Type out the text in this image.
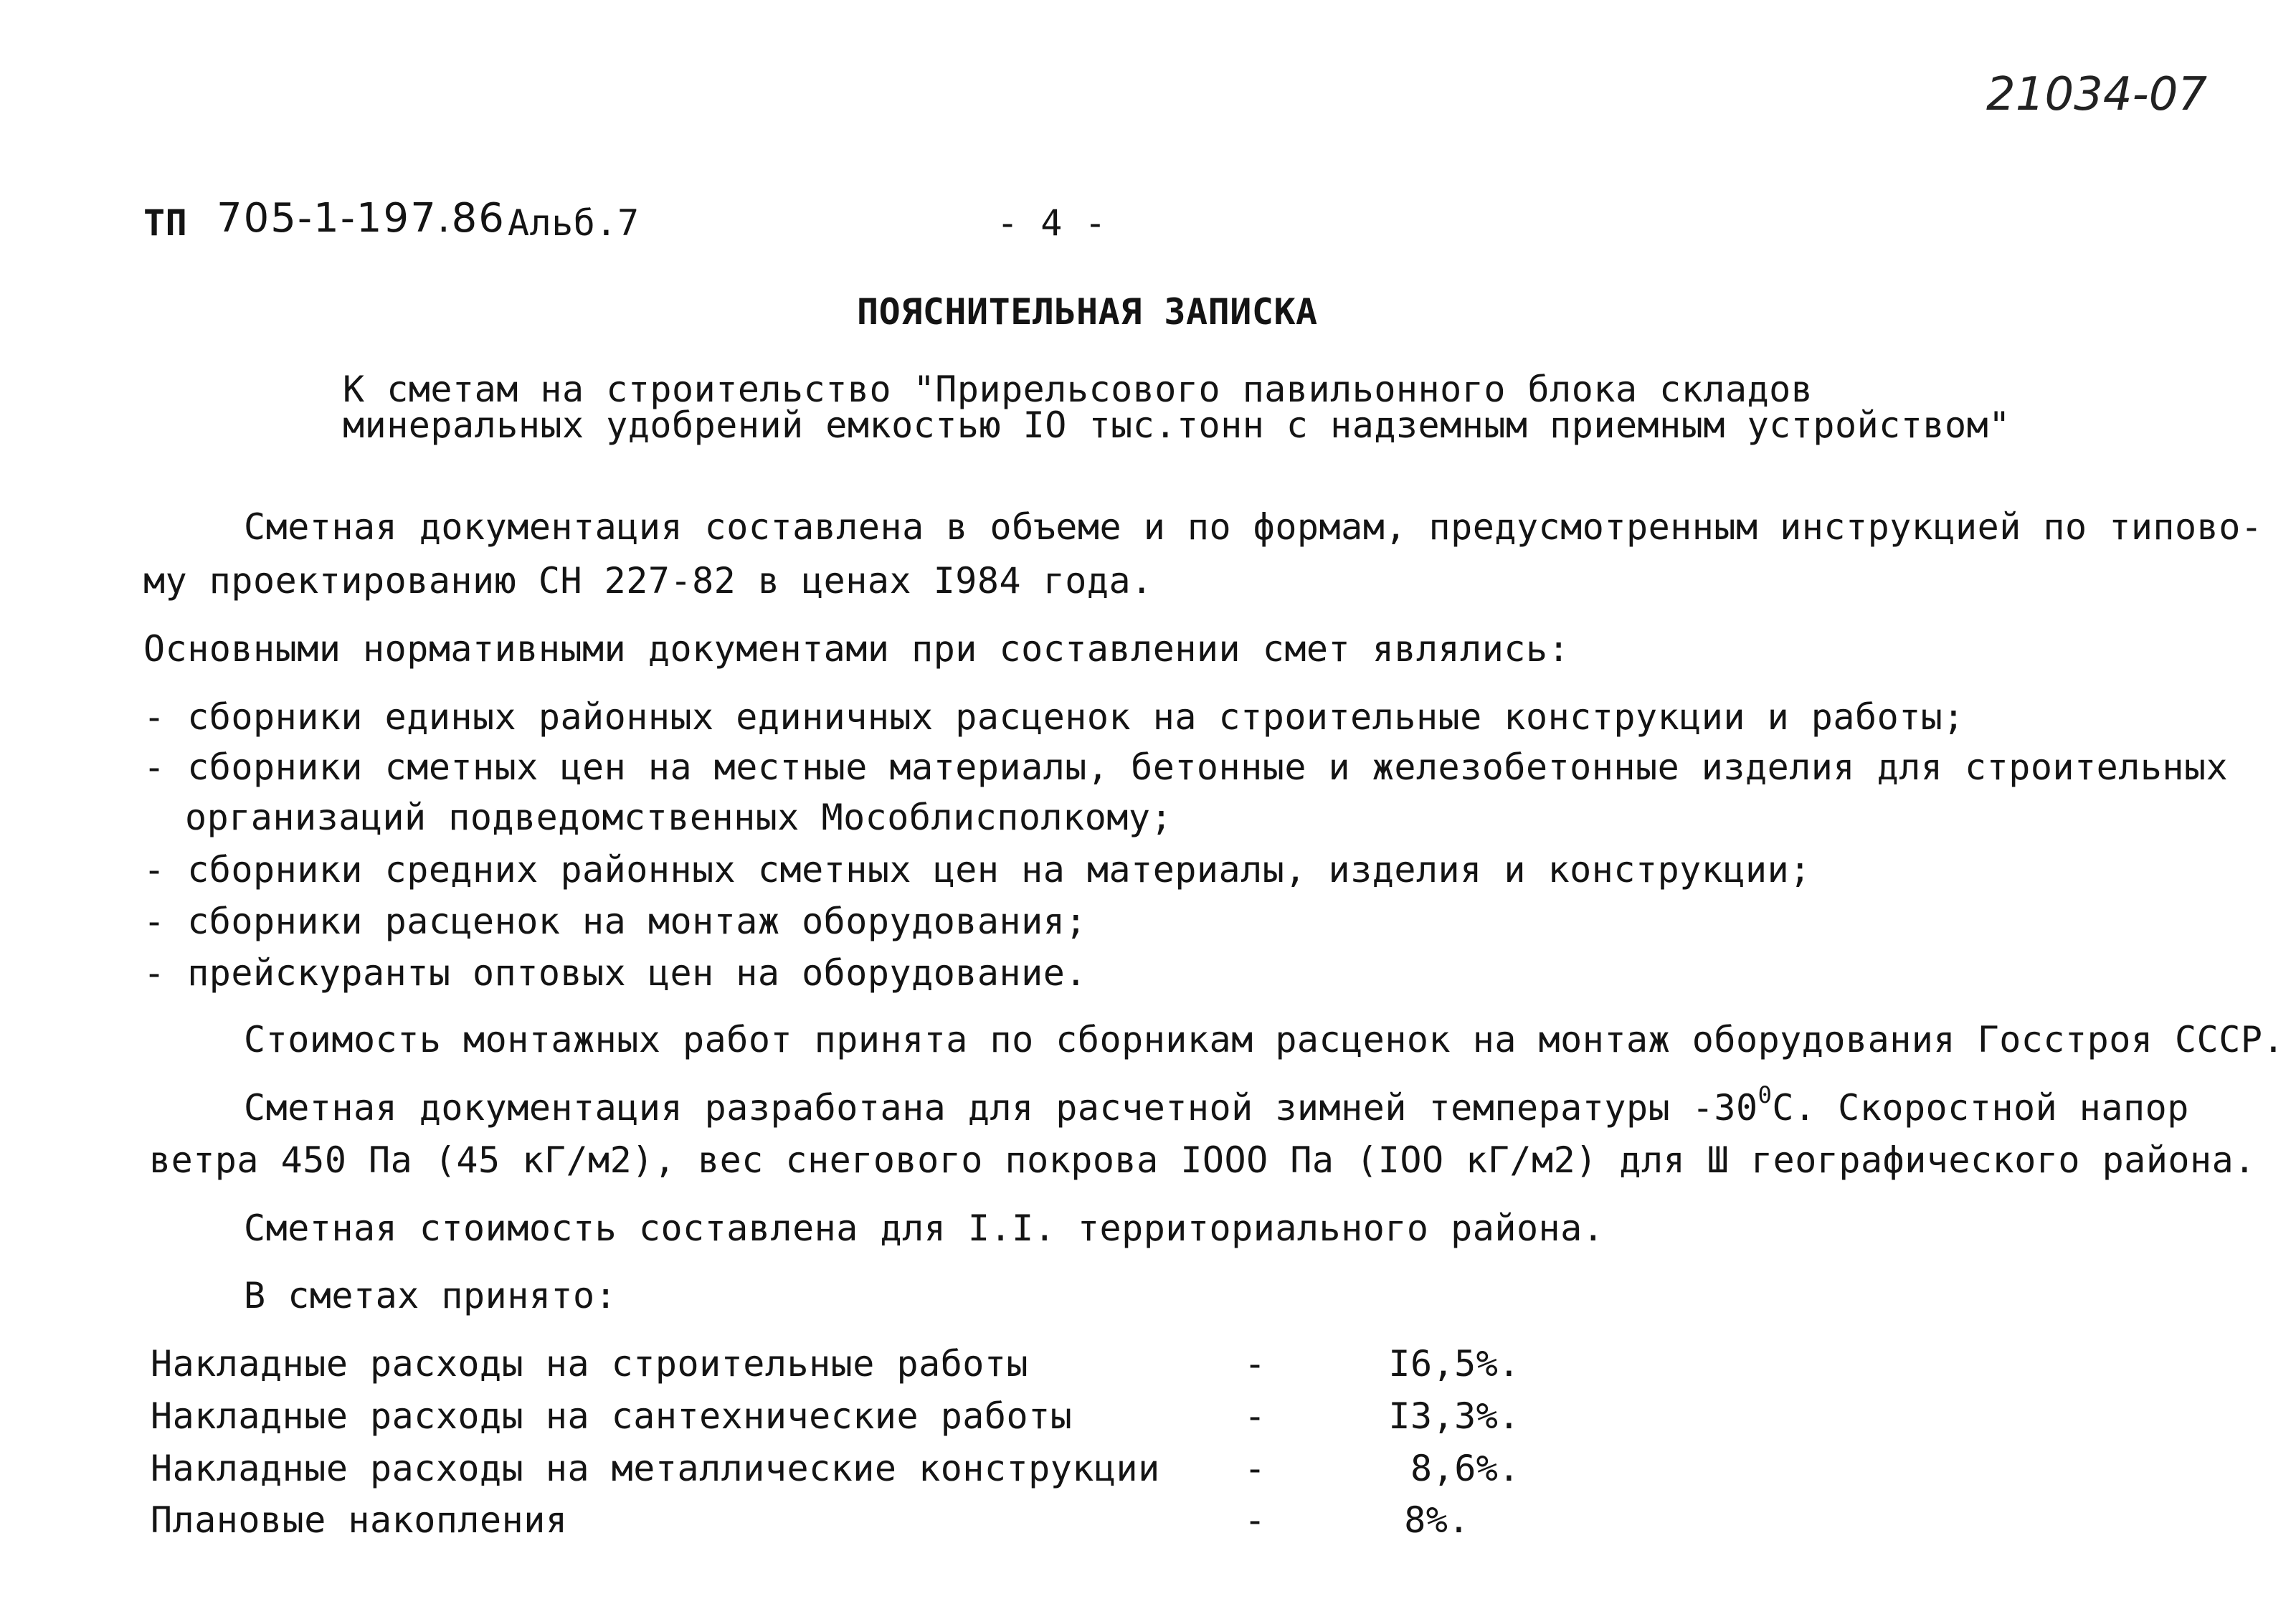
21034-07
ТП 705-1-197.86 Альб.7	- 4 -
ПОЯСНИТЕЛЬНАЯ ЗАПИСКА
К сметам на строительство "Прирельсового павильонного блока складов
минеральных удобрений емкостью IO тыс.тонн с надземным приемным устройством"
Сметная документация составлена в объеме и по формам, предусмотренным инструкцией по типово-
му проектированию СН 227-82 в ценах I984 года.
Основными нормативными документами при составлении смет являлись:
- сборники единых районных единичных расценок на строительные конструкции и работы;
- сборники сметных цен на местные материалы, бетонные и железобетонные изделия для строительных
организаций подведомственных Мособлисполкому;
- сборники средних районных сметных цен на материалы, изделия и конструкции;
- сборники расценок на монтаж оборудования;
- прейскуранты оптовых цен на оборудование.
Стоимость монтажных работ принята по сборникам расценок на монтаж оборудования Госстроя СССР.
Сметная документация разработана для расчетной зимней температуры $-30^0С$. Скоростной напор
ветра 450 Па (45 кГ/м2), вес снегового покрова IOOO Па (IOO кГ/м2) для Ш географического района.
Сметная стоимость составлена для I.I. территориального района.
В сметах принято:
Накладные расходы на строительные работы	-	I6,5%.
Накладные расходы на сантехнические работы	-	I3,3%.
Накладные расходы на металлические конструкции -	8,6%.
Плановые накопления	-	8%.
